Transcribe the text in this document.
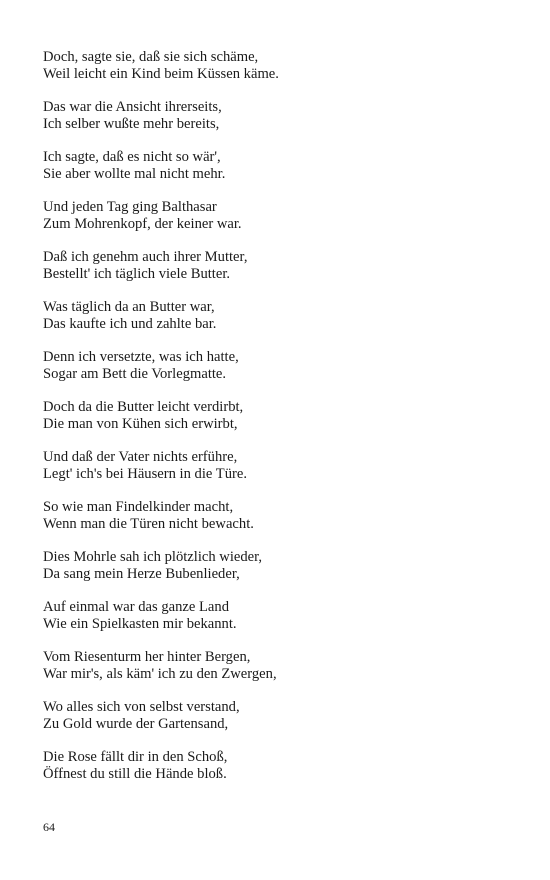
Doch, sagte sie, daß sie sich schäme,
Weil leicht ein Kind beim Küssen käme.
Das war die Ansicht ihrerseits,
Ich selber wußte mehr bereits,
Ich sagte, daß es nicht so wär',
Sie aber wollte mal nicht mehr.
Und jeden Tag ging Balthasar
Zum Mohrenkopf, der keiner war.
Daß ich genehm auch ihrer Mutter,
Bestellt' ich täglich viele Butter.
Was täglich da an Butter war,
Das kaufte ich und zahlte bar.
Denn ich versetzte, was ich hatte,
Sogar am Bett die Vorlegmatte.
Doch da die Butter leicht verdirbt,
Die man von Kühen sich erwirbt,
Und daß der Vater nichts erführe,
Legt' ich's bei Häusern in die Türe.
So wie man Findelkinder macht,
Wenn man die Türen nicht bewacht.
Dies Mohrle sah ich plötzlich wieder,
Da sang mein Herze Bubenlieder,
Auf einmal war das ganze Land
Wie ein Spielkasten mir bekannt.
Vom Riesenturm her hinter Bergen,
War mir's, als käm' ich zu den Zwergen,
Wo alles sich von selbst verstand,
Zu Gold wurde der Gartensand,
Die Rose fällt dir in den Schoß,
Öffnest du still die Hände bloß.
64
